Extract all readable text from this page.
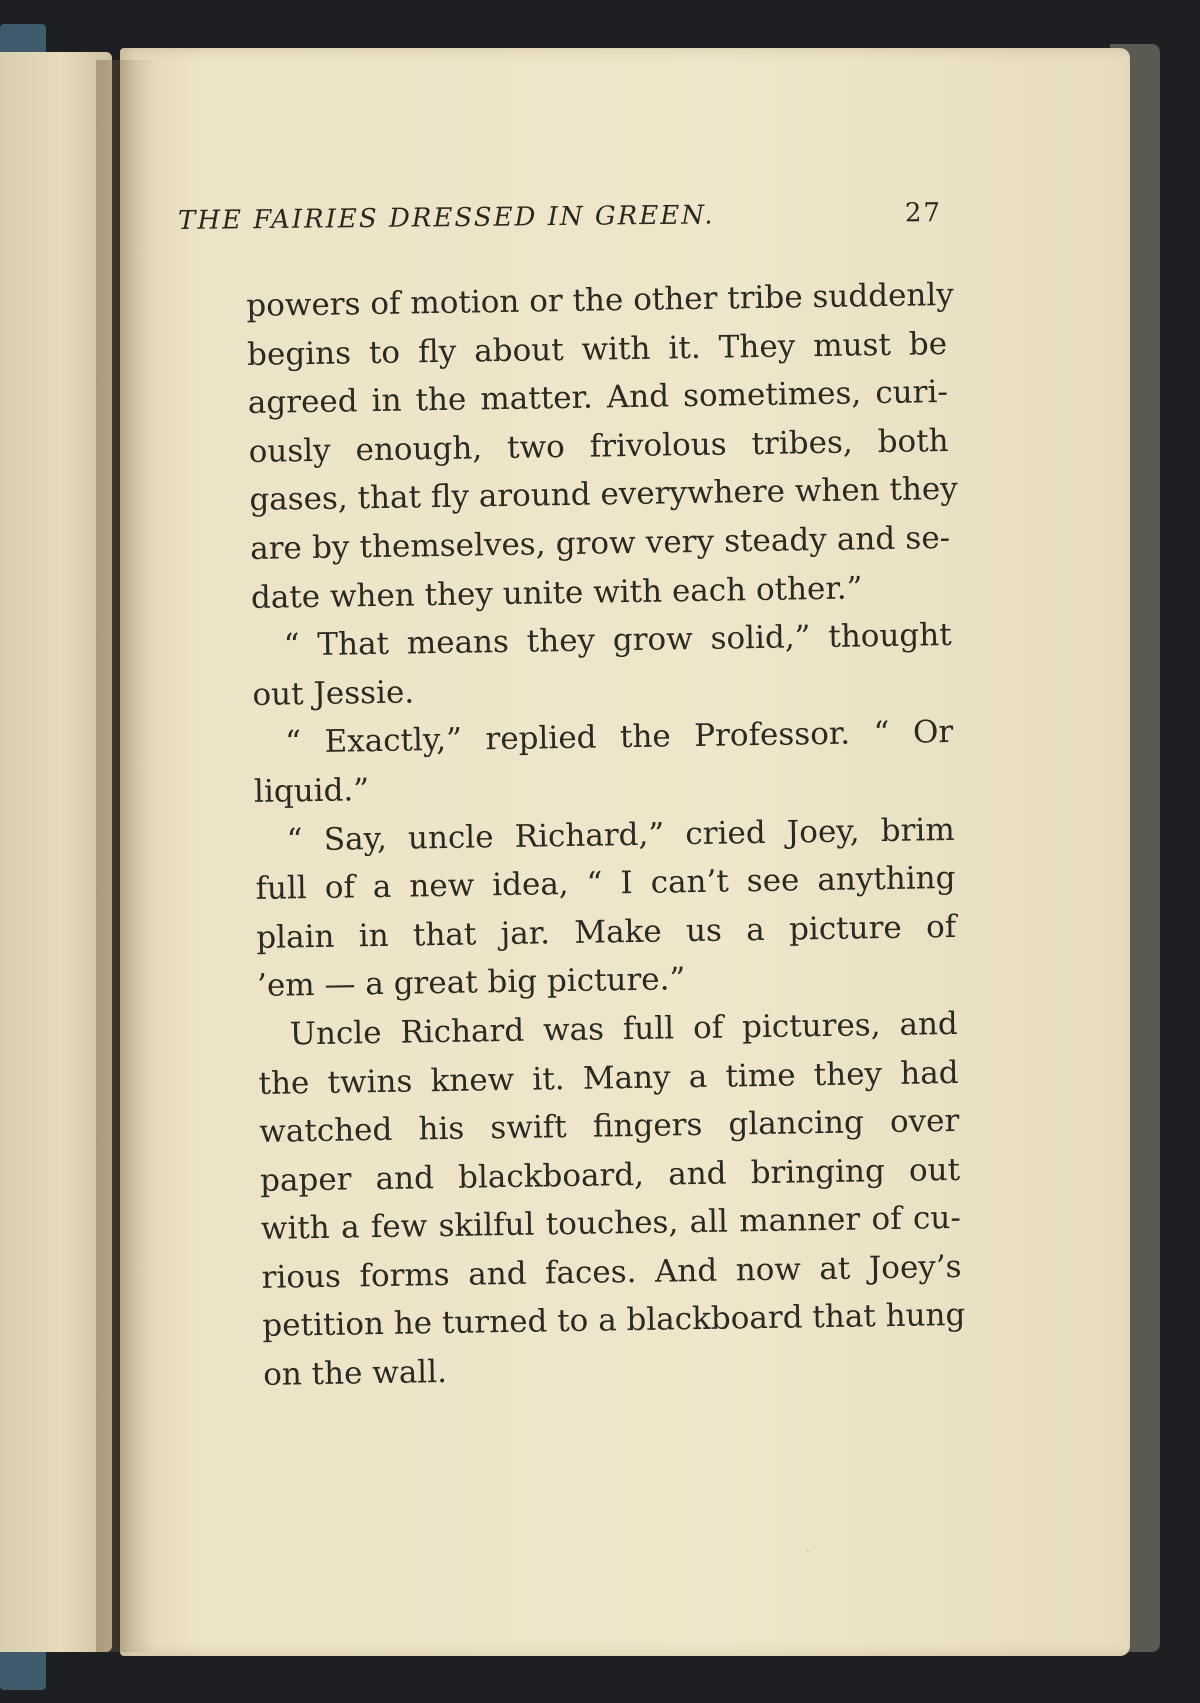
THE FAIRIES DRESSED IN GREEN.	27
powers of motion or the other tribe suddenly
begins to fly about with it. They must be
agreed in the matter. And sometimes, curi-
ously enough, two frivolous tribes, both
gases, that fly around everywhere when they
are by themselves, grow very steady and se-
date when they unite with each other.”
“ That means they grow solid,” thought
out Jessie.
“ Exactly,” replied the Professor. “ Or
liquid.”
“ Say, uncle Richard,” cried Joey, brim
full of a new idea, “ I can’t see anything
plain in that jar. Make us a picture of
’em — a great big picture.”
Uncle Richard was full of pictures, and
the twins knew it. Many a time they had
watched his swift fingers glancing over
paper and blackboard, and bringing out
with a few skilful touches, all manner of cu-
rious forms and faces. And now at Joey’s
petition he turned to a blackboard that hung
on the wall.
·
